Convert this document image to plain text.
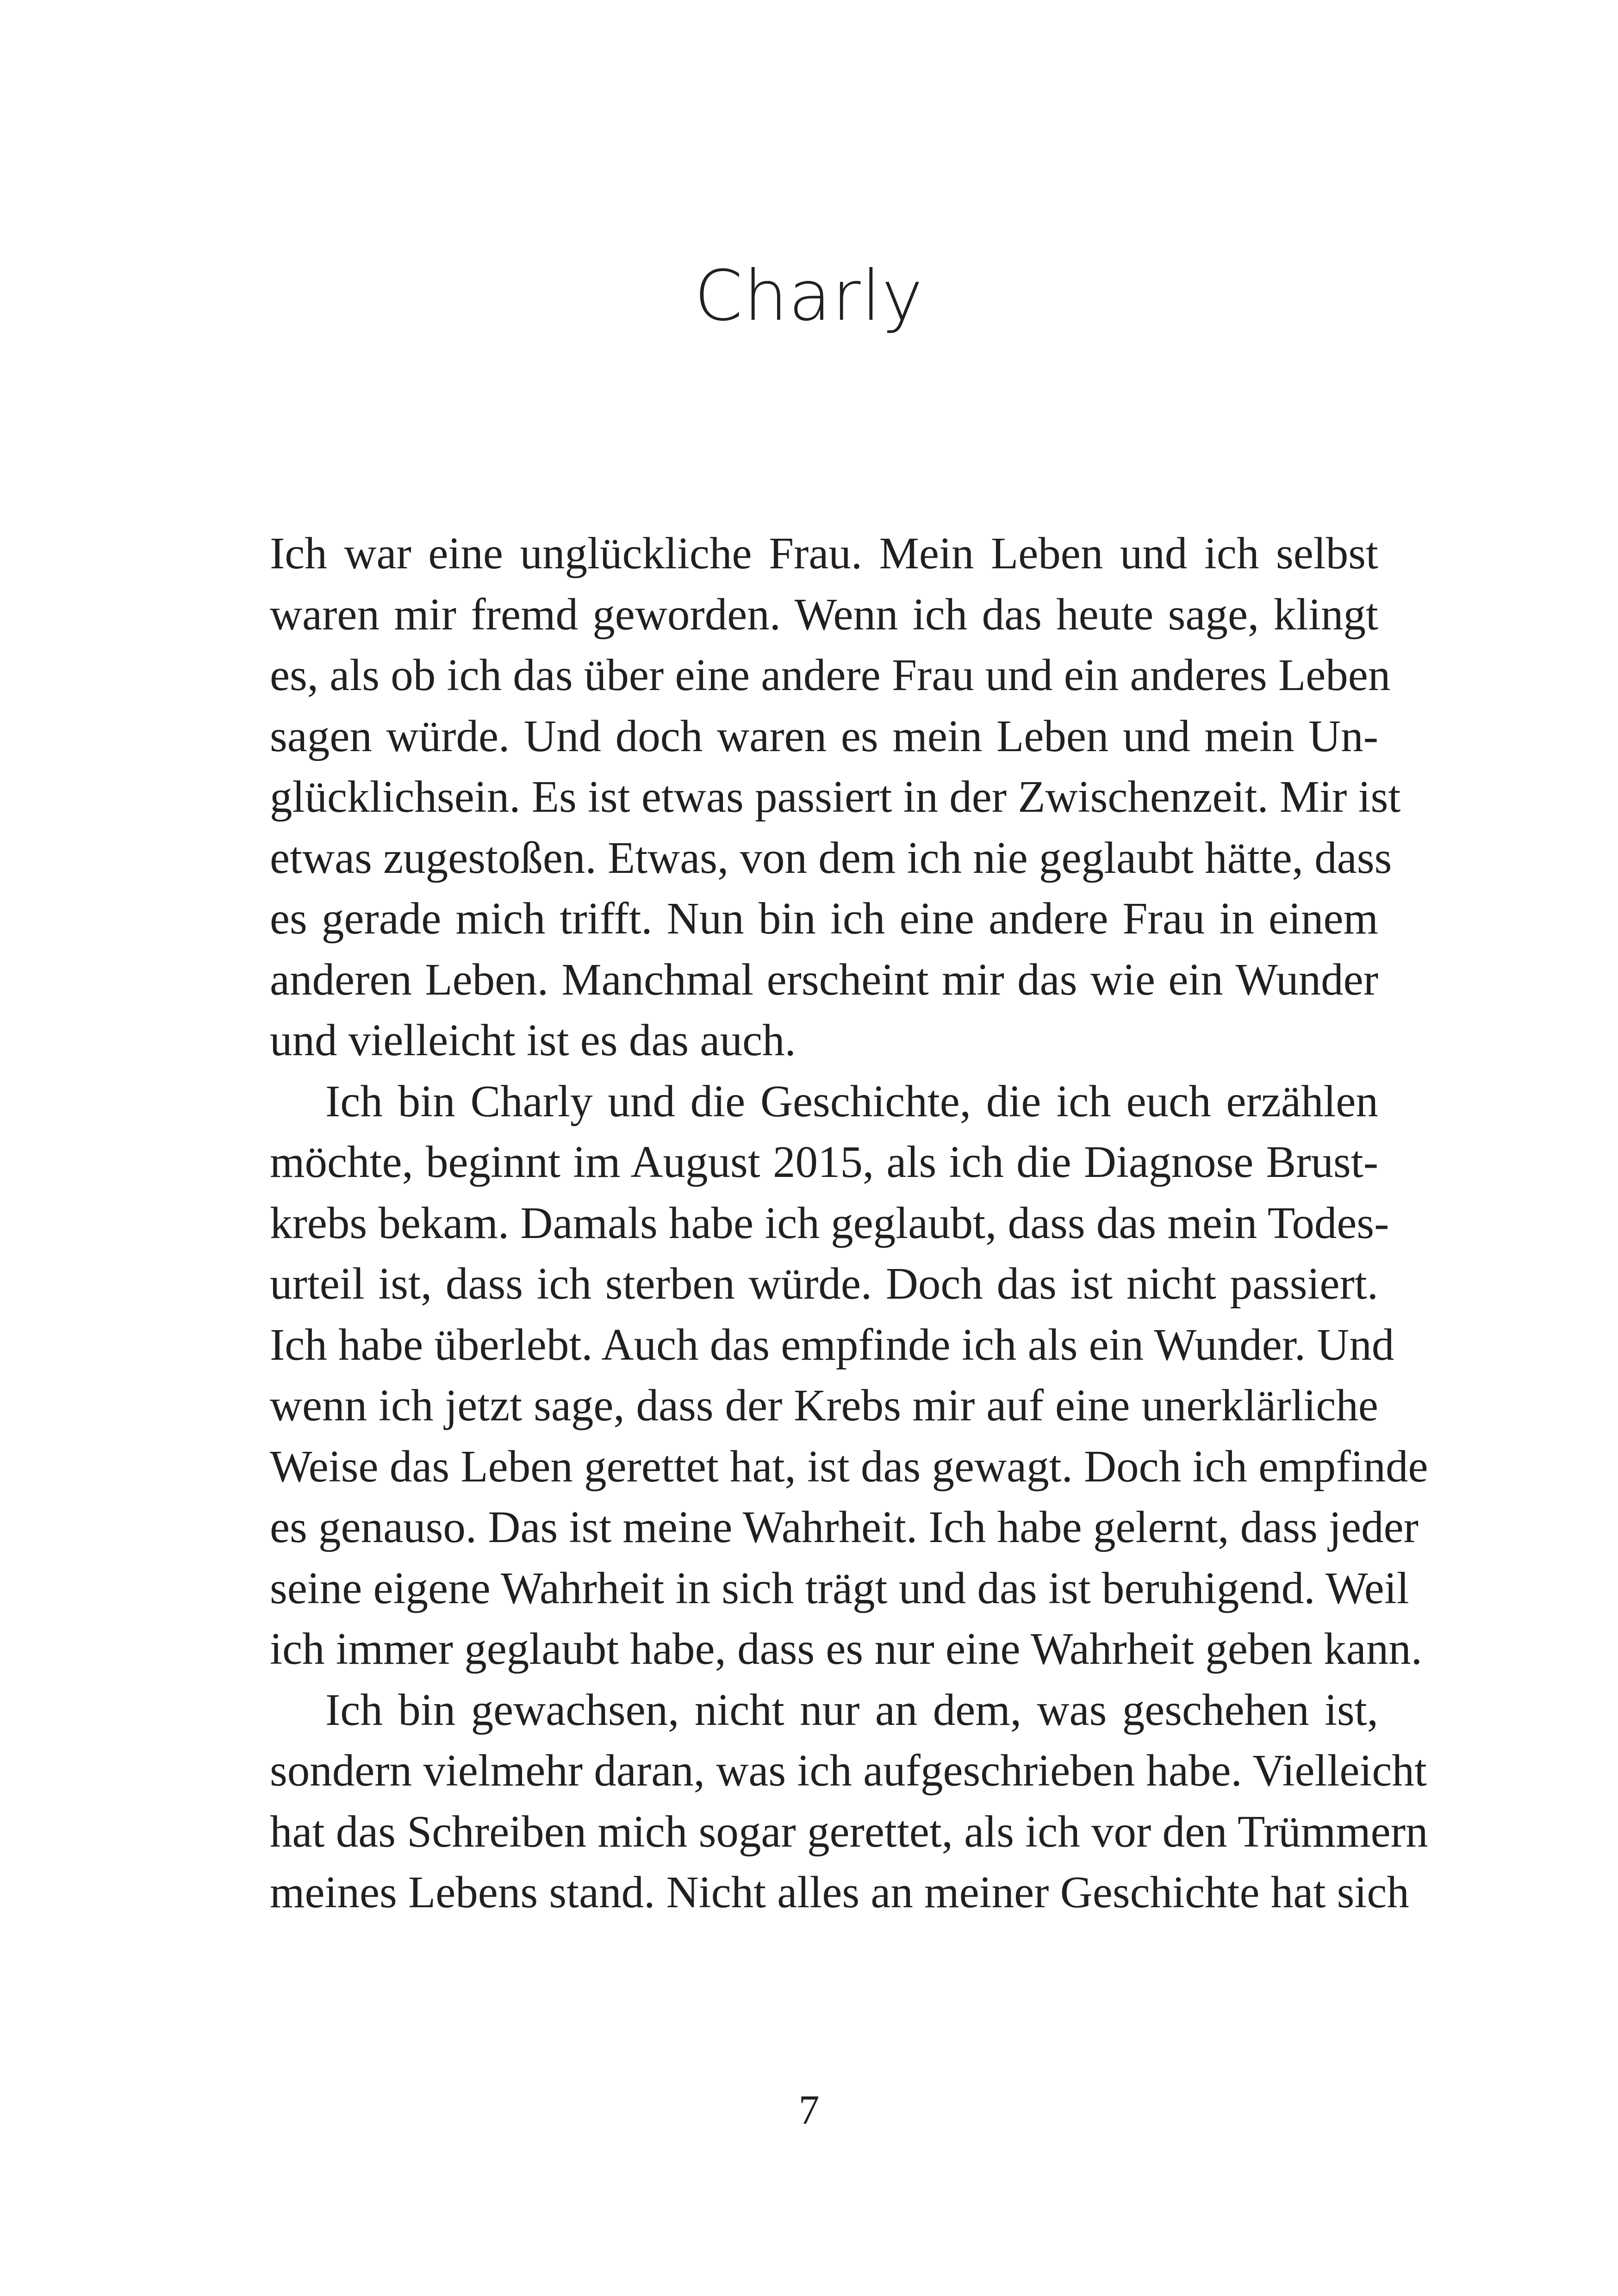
Charly
Ich war eine unglückliche Frau. Mein Leben und ich selbst
waren mir fremd geworden. Wenn ich das heute sage, klingt
es, als ob ich das über eine andere Frau und ein anderes Leben
sagen würde. Und doch waren es mein Leben und mein Un-
glücklichsein. Es ist etwas passiert in der Zwischenzeit. Mir ist
etwas zugestoßen. Etwas, von dem ich nie geglaubt hätte, dass
es gerade mich trifft. Nun bin ich eine andere Frau in einem
anderen Leben. Manchmal erscheint mir das wie ein Wunder
und vielleicht ist es das auch.
Ich bin Charly und die Geschichte, die ich euch erzählen
möchte, beginnt im August 2015, als ich die Diagnose Brust-
krebs bekam. Damals habe ich geglaubt, dass das mein Todes-
urteil ist, dass ich sterben würde. Doch das ist nicht passiert.
Ich habe überlebt. Auch das empfinde ich als ein Wunder. Und
wenn ich jetzt sage, dass der Krebs mir auf eine unerklärliche
Weise das Leben gerettet hat, ist das gewagt. Doch ich empfinde
es genauso. Das ist meine Wahrheit. Ich habe gelernt, dass jeder
seine eigene Wahrheit in sich trägt und das ist beruhigend. Weil
ich immer geglaubt habe, dass es nur eine Wahrheit geben kann.
Ich bin gewachsen, nicht nur an dem, was geschehen ist,
sondern vielmehr daran, was ich aufgeschrieben habe. Vielleicht
hat das Schreiben mich sogar gerettet, als ich vor den Trümmern
meines Lebens stand. Nicht alles an meiner Geschichte hat sich
7
